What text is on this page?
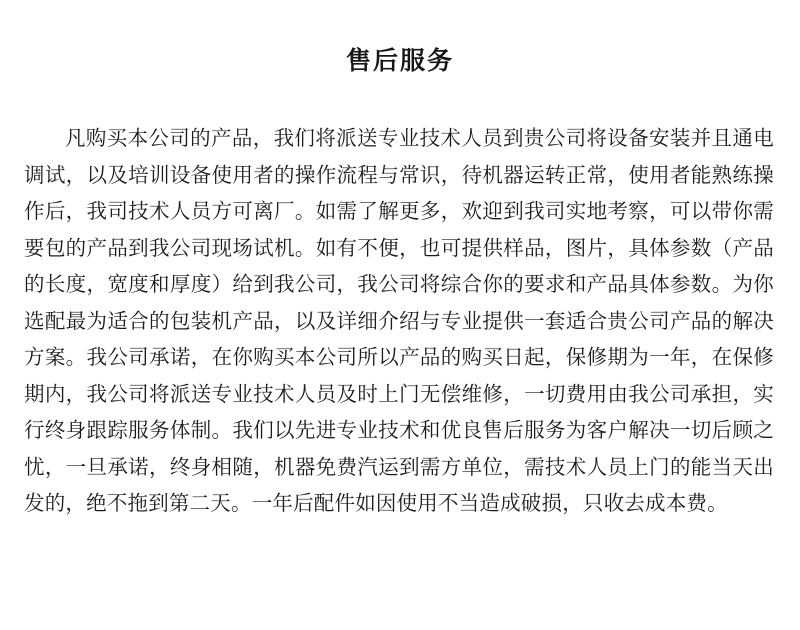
售后服务

凡购买本公司的产品，我们将派送专业技术人员到贵公司将设备安装并且通电调试，以及培训设备使用者的操作流程与常识，待机器运转正常，使用者能熟练操作后，我司技术人员方可离厂。如需了解更多，欢迎到我司实地考察，可以带你需要包的产品到我公司现场试机。如有不便，也可提供样品，图片，具体参数（产品的长度，宽度和厚度）给到我公司，我公司将综合你的要求和产品具体参数。为你选配最为适合的包装机产品，以及详细介绍与专业提供一套适合贵公司产品的解决方案。我公司承诺，在你购买本公司所以产品的购买日起，保修期为一年，在保修期内，我公司将派送专业技术人员及时上门无偿维修，一切费用由我公司承担，实行终身跟踪服务体制。我们以先进专业技术和优良售后服务为客户解决一切后顾之忧，一旦承诺，终身相随，机器免费汽运到需方单位，需技术人员上门的能当天出发的，绝不拖到第二天。一年后配件如因使用不当造成破损，只收去成本费。
